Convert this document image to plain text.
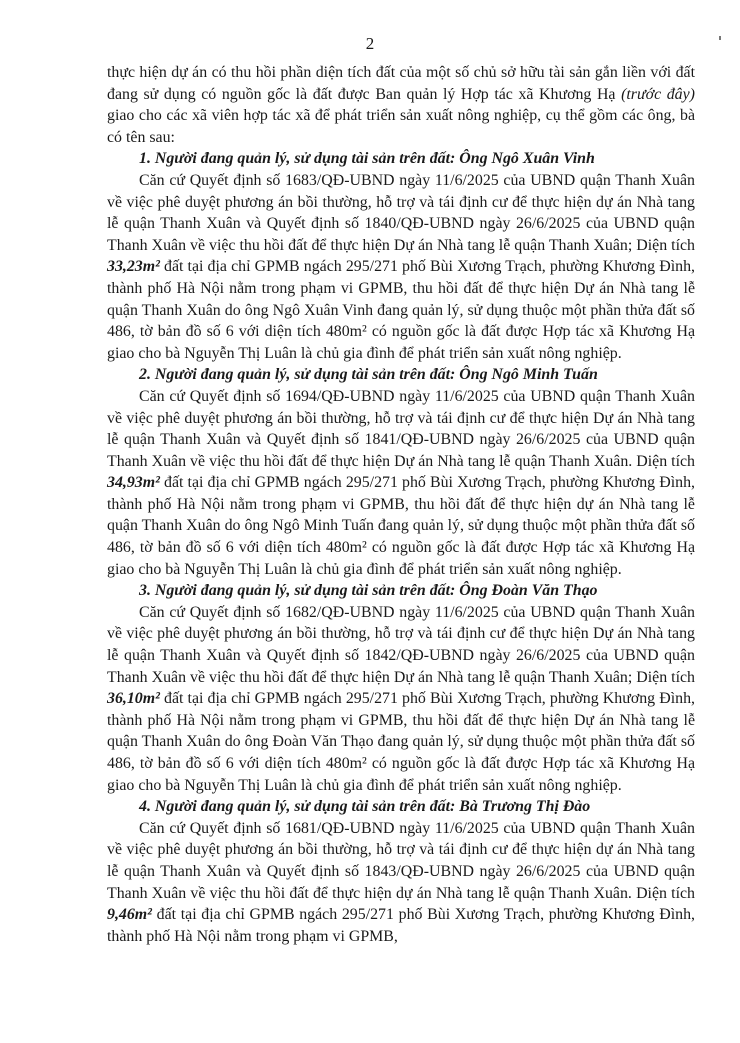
2

thực hiện dự án có thu hồi phần diện tích đất của một số chủ sở hữu tài sản gắn liền với đất đang sử dụng có nguồn gốc là đất được Ban quản lý Hợp tác xã Khương Hạ (trước đây) giao cho các xã viên hợp tác xã để phát triển sản xuất nông nghiệp, cụ thể gồm các ông, bà có tên sau:

1. Người đang quản lý, sử dụng tài sản trên đất: Ông Ngô Xuân Vinh

Căn cứ Quyết định số 1683/QĐ-UBND ngày 11/6/2025 của UBND quận Thanh Xuân về việc phê duyệt phương án bồi thường, hỗ trợ và tái định cư để thực hiện dự án Nhà tang lễ quận Thanh Xuân và Quyết định số 1840/QĐ-UBND ngày 26/6/2025 của UBND quận Thanh Xuân về việc thu hồi đất để thực hiện Dự án Nhà tang lễ quận Thanh Xuân; Diện tích 33,23m² đất tại địa chỉ GPMB ngách 295/271 phố Bùi Xương Trạch, phường Khương Đình, thành phố Hà Nội nằm trong phạm vi GPMB, thu hồi đất để thực hiện Dự án Nhà tang lễ quận Thanh Xuân do ông Ngô Xuân Vinh đang quản lý, sử dụng thuộc một phần thửa đất số 486, tờ bản đồ số 6 với diện tích 480m² có nguồn gốc là đất được Hợp tác xã Khương Hạ giao cho bà Nguyễn Thị Luân là chủ gia đình để phát triển sản xuất nông nghiệp.

2. Người đang quản lý, sử dụng tài sản trên đất: Ông Ngô Minh Tuấn

Căn cứ Quyết định số 1694/QĐ-UBND ngày 11/6/2025 của UBND quận Thanh Xuân về việc phê duyệt phương án bồi thường, hỗ trợ và tái định cư để thực hiện Dự án Nhà tang lễ quận Thanh Xuân và Quyết định số 1841/QĐ-UBND ngày 26/6/2025 của UBND quận Thanh Xuân về việc thu hồi đất để thực hiện Dự án Nhà tang lễ quận Thanh Xuân. Diện tích 34,93m² đất tại địa chỉ GPMB ngách 295/271 phố Bùi Xương Trạch, phường Khương Đình, thành phố Hà Nội nằm trong phạm vi GPMB, thu hồi đất để thực hiện dự án Nhà tang lễ quận Thanh Xuân do ông Ngô Minh Tuấn đang quản lý, sử dụng thuộc một phần thửa đất số 486, tờ bản đồ số 6 với diện tích 480m² có nguồn gốc là đất được Hợp tác xã Khương Hạ giao cho bà Nguyễn Thị Luân là chủ gia đình để phát triển sản xuất nông nghiệp.

3. Người đang quản lý, sử dụng tài sản trên đất: Ông Đoàn Văn Thạo

Căn cứ Quyết định số 1682/QĐ-UBND ngày 11/6/2025 của UBND quận Thanh Xuân về việc phê duyệt phương án bồi thường, hỗ trợ và tái định cư để thực hiện Dự án Nhà tang lễ quận Thanh Xuân và Quyết định số 1842/QĐ-UBND ngày 26/6/2025 của UBND quận Thanh Xuân về việc thu hồi đất để thực hiện Dự án Nhà tang lễ quận Thanh Xuân; Diện tích 36,10m² đất tại địa chỉ GPMB ngách 295/271 phố Bùi Xương Trạch, phường Khương Đình, thành phố Hà Nội nằm trong phạm vi GPMB, thu hồi đất để thực hiện Dự án Nhà tang lễ quận Thanh Xuân do ông Đoàn Văn Thạo đang quản lý, sử dụng thuộc một phần thửa đất số 486, tờ bản đồ số 6 với diện tích 480m² có nguồn gốc là đất được Hợp tác xã Khương Hạ giao cho bà Nguyễn Thị Luân là chủ gia đình để phát triển sản xuất nông nghiệp.

4. Người đang quản lý, sử dụng tài sản trên đất: Bà Trương Thị Đào

Căn cứ Quyết định số 1681/QĐ-UBND ngày 11/6/2025 của UBND quận Thanh Xuân về việc phê duyệt phương án bồi thường, hỗ trợ và tái định cư để thực hiện dự án Nhà tang lễ quận Thanh Xuân và Quyết định số 1843/QĐ-UBND ngày 26/6/2025 của UBND quận Thanh Xuân về việc thu hồi đất để thực hiện dự án Nhà tang lễ quận Thanh Xuân. Diện tích 9,46m² đất tại địa chỉ GPMB ngách 295/271 phố Bùi Xương Trạch, phường Khương Đình, thành phố Hà Nội nằm trong phạm vi GPMB,
